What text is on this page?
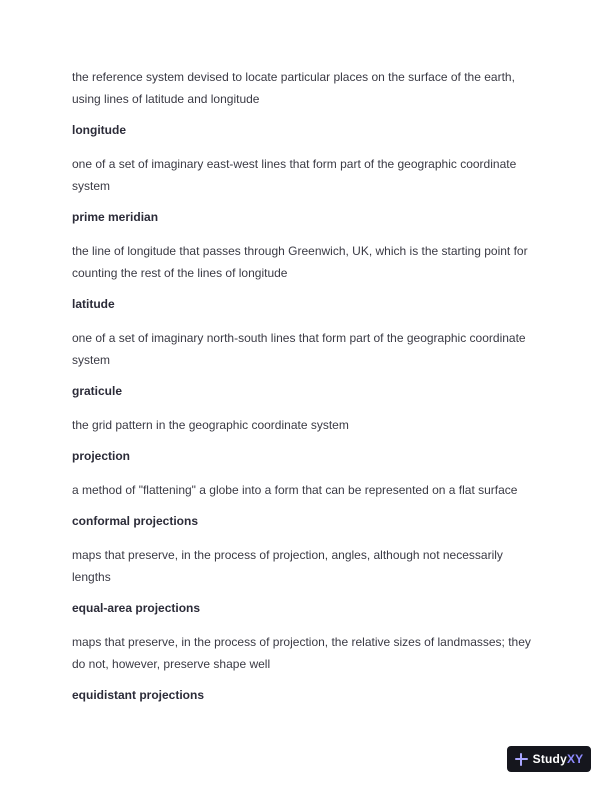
the reference system devised to locate particular places on the surface of the earth, using lines of latitude and longitude

longitude

one of a set of imaginary east-west lines that form part of the geographic coordinate system

prime meridian

the line of longitude that passes through Greenwich, UK, which is the starting point for counting the rest of the lines of longitude

latitude

one of a set of imaginary north-south lines that form part of the geographic coordinate system

graticule

the grid pattern in the geographic coordinate system

projection

a method of "flattening" a globe into a form that can be represented on a flat surface

conformal projections

maps that preserve, in the process of projection, angles, although not necessarily lengths

equal-area projections

maps that preserve, in the process of projection, the relative sizes of landmasses; they do not, however, preserve shape well

equidistant projections

StudyXY
